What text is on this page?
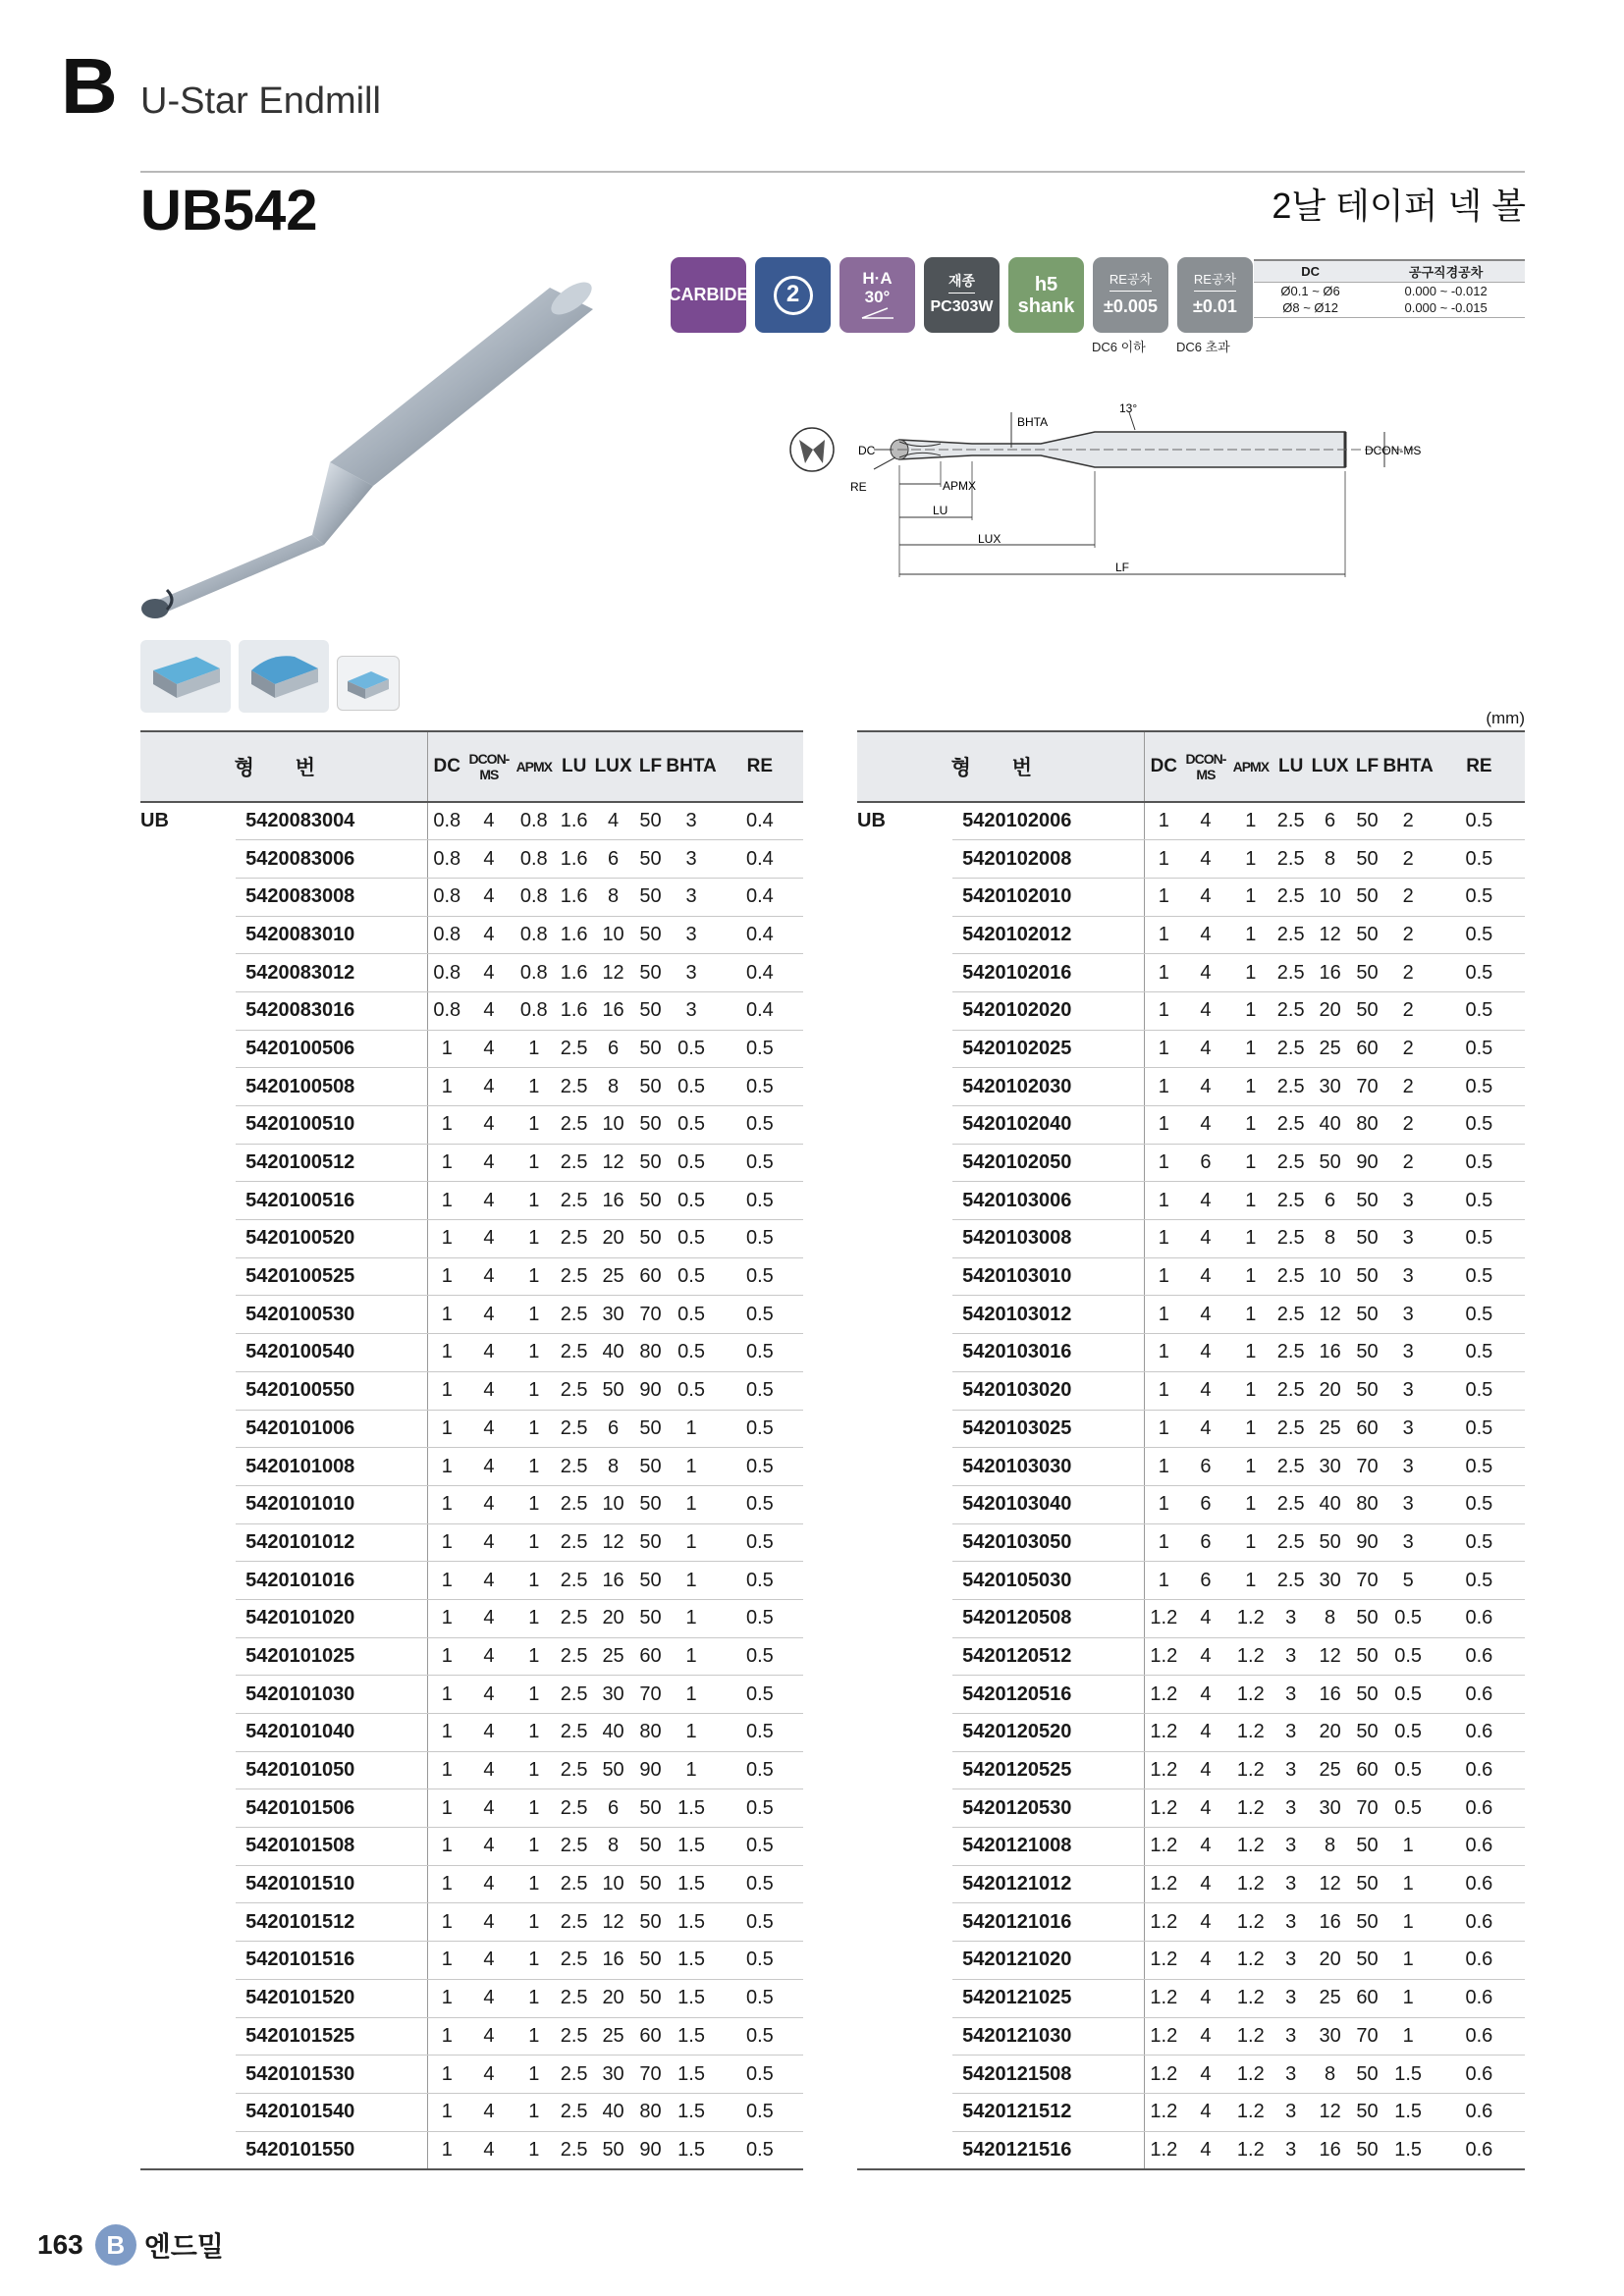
B U-Star Endmill
UB542	2날 테이퍼 넥 볼
CARBIDE 2
H·A
30°
재종
PC303W
h5
shank
RE공차
±0.005
RE공차
±0.01
DC6 이하 DC6 초과
DC	공구직경공차
Ø0.1 ~ Ø6	0.000 ~ -0.012
Ø8 ~ Ø12	0.000 ~ -0.015
BHTA
13°
DC
RE	APMX
LU
LUX
LF
DCON-MS
(mm)
형 번		DC	DCON-MS	APMX	LU	LUX	LF	BHTA	RE
UB	5420083004	0.8	4	0.8	1.6	4	50	3	0.4
	5420083006	0.8	4	0.8	1.6	6	50	3	0.4
	5420083008	0.8	4	0.8	1.6	8	50	3	0.4
	5420083010	0.8	4	0.8	1.6	10	50	3	0.4
	5420083012	0.8	4	0.8	1.6	12	50	3	0.4
	5420083016	0.8	4	0.8	1.6	16	50	3	0.4
	5420100506	1	4	1	2.5	6	50	0.5	0.5
	5420100508	1	4	1	2.5	8	50	0.5	0.5
	5420100510	1	4	1	2.5	10	50	0.5	0.5
	5420100512	1	4	1	2.5	12	50	0.5	0.5
	5420100516	1	4	1	2.5	16	50	0.5	0.5
	5420100520	1	4	1	2.5	20	50	0.5	0.5
	5420100525	1	4	1	2.5	25	60	0.5	0.5
	5420100530	1	4	1	2.5	30	70	0.5	0.5
	5420100540	1	4	1	2.5	40	80	0.5	0.5
	5420100550	1	4	1	2.5	50	90	0.5	0.5
	5420101006	1	4	1	2.5	6	50	1	0.5
	5420101008	1	4	1	2.5	8	50	1	0.5
	5420101010	1	4	1	2.5	10	50	1	0.5
	5420101012	1	4	1	2.5	12	50	1	0.5
	5420101016	1	4	1	2.5	16	50	1	0.5
	5420101020	1	4	1	2.5	20	50	1	0.5
	5420101025	1	4	1	2.5	25	60	1	0.5
	5420101030	1	4	1	2.5	30	70	1	0.5
	5420101040	1	4	1	2.5	40	80	1	0.5
	5420101050	1	4	1	2.5	50	90	1	0.5
	5420101506	1	4	1	2.5	6	50	1.5	0.5
	5420101508	1	4	1	2.5	8	50	1.5	0.5
	5420101510	1	4	1	2.5	10	50	1.5	0.5
	5420101512	1	4	1	2.5	12	50	1.5	0.5
	5420101516	1	4	1	2.5	16	50	1.5	0.5
	5420101520	1	4	1	2.5	20	50	1.5	0.5
	5420101525	1	4	1	2.5	25	60	1.5	0.5
	5420101530	1	4	1	2.5	30	70	1.5	0.5
	5420101540	1	4	1	2.5	40	80	1.5	0.5
	5420101550	1	4	1	2.5	50	90	1.5	0.5
형 번		DC	DCON-MS	APMX	LU	LUX	LF	BHTA	RE
UB	5420102006	1	4	1	2.5	6	50	2	0.5
	5420102008	1	4	1	2.5	8	50	2	0.5
	5420102010	1	4	1	2.5	10	50	2	0.5
	5420102012	1	4	1	2.5	12	50	2	0.5
	5420102016	1	4	1	2.5	16	50	2	0.5
	5420102020	1	4	1	2.5	20	50	2	0.5
	5420102025	1	4	1	2.5	25	60	2	0.5
	5420102030	1	4	1	2.5	30	70	2	0.5
	5420102040	1	4	1	2.5	40	80	2	0.5
	5420102050	1	6	1	2.5	50	90	2	0.5
	5420103006	1	4	1	2.5	6	50	3	0.5
	5420103008	1	4	1	2.5	8	50	3	0.5
	5420103010	1	4	1	2.5	10	50	3	0.5
	5420103012	1	4	1	2.5	12	50	3	0.5
	5420103016	1	4	1	2.5	16	50	3	0.5
	5420103020	1	4	1	2.5	20	50	3	0.5
	5420103025	1	4	1	2.5	25	60	3	0.5
	5420103030	1	6	1	2.5	30	70	3	0.5
	5420103040	1	6	1	2.5	40	80	3	0.5
	5420103050	1	6	1	2.5	50	90	3	0.5
	5420105030	1	6	1	2.5	30	70	5	0.5
	5420120508	1.2	4	1.2	3	8	50	0.5	0.6
	5420120512	1.2	4	1.2	3	12	50	0.5	0.6
	5420120516	1.2	4	1.2	3	16	50	0.5	0.6
	5420120520	1.2	4	1.2	3	20	50	0.5	0.6
	5420120525	1.2	4	1.2	3	25	60	0.5	0.6
	5420120530	1.2	4	1.2	3	30	70	0.5	0.6
	5420121008	1.2	4	1.2	3	8	50	1	0.6
	5420121012	1.2	4	1.2	3	12	50	1	0.6
	5420121016	1.2	4	1.2	3	16	50	1	0.6
	5420121020	1.2	4	1.2	3	20	50	1	0.6
	5420121025	1.2	4	1.2	3	25	60	1	0.6
	5420121030	1.2	4	1.2	3	30	70	1	0.6
	5420121508	1.2	4	1.2	3	8	50	1.5	0.6
	5420121512	1.2	4	1.2	3	12	50	1.5	0.6
	5420121516	1.2	4	1.2	3	16	50	1.5	0.6
163 B 엔드밀
